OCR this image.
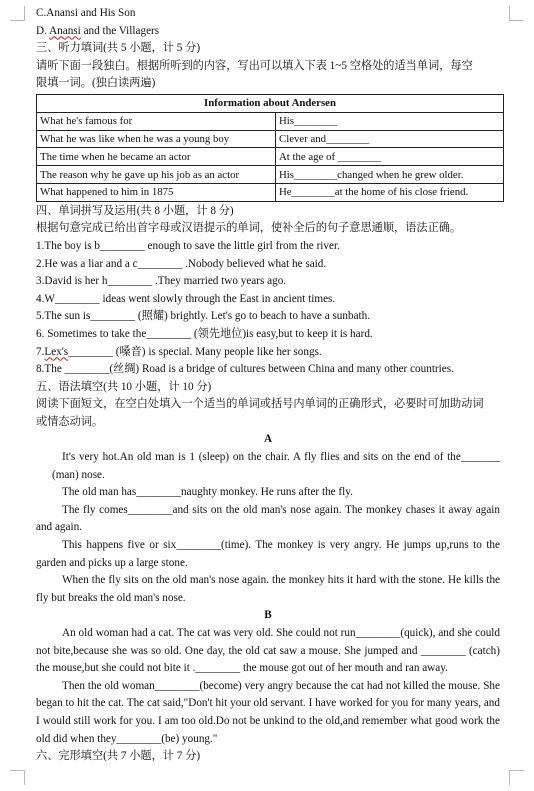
C.Anansi and His Son
D. Anansi and the Villagers
三、听力填词(共 5 小题，计 5 分)
请听下面一段独白。根据所听到的内容，写出可以填入下表 1~5 空格处的适当单词，每空
限填一词。(独白读两遍)
Information about Andersen	
What he's famous for	His________
What he was like when he was a young boy	Clever and________
The time when he became an actor	At the age of ________
The reason why he gave up his job as an actor	His________changed when he grew older.
What happened to him in 1875	He________at the home of his close friend.
四、单词拼写及运用(共 8 小题，计 8 分)
根据句意完成已给出首字母或汉语提示的单词，使补全后的句子意思通顺，语法正确。
1.The boy is b________ enough to save the little girl from the river.
2.He was a liar and a c________ .Nobody believed what he said.
3.David is her h________ .They married two years ago.
4.W________ ideas went slowly through the East in ancient times.
5.The sun is________ (照耀) brightly. Let's go to beach to have a sunbath.
6. Sometimes to take the________ (领先地位)is easy,but to keep it is hard.
7.Lex's________ (嗓音) is special. Many people like her songs.
8.The ________(丝绸) Road is a bridge of cultures between China and many other countries.
五、语法填空(共 10 小题，计 10 分)
阅读下面短文，在空白处填入一个适当的单词或括号内单词的正确形式，必要时可加助动词
或情态动词。
A
It's very hot.An old man is 1 (sleep) on the chair. A fly flies and sits on the end of the_______ (man) nose.
The old man has________naughty monkey. He runs after the fly.
The fly comes________and sits on the old man's nose again. The monkey chases it away again and again.
This happens five or six________(time). The monkey is very angry. He jumps up,runs to the garden and picks up a large stone.
When the fly sits on the old man's nose again. the monkey hits it hard with the stone. He kills the fly but breaks the old man's nose.
B
An old woman had a cat. The cat was very old. She could not run________(quick), and she could not bite,because she was so old. One day, the old cat saw a mouse. She jumped and ________ (catch) the mouse,but she could not bite it .________ the mouse got out of her mouth and ran away.
Then the old woman________(become) very angry because the cat had not killed the mouse. She began to hit the cat. The cat said,"Don't hit your old servant. I have worked for you for many years, and I would still work for you. I am too old.Do not be unkind to the old,and remember what good work the old did when they________(be) young."
六、完形填空(共 7 小题，计 7 分)
